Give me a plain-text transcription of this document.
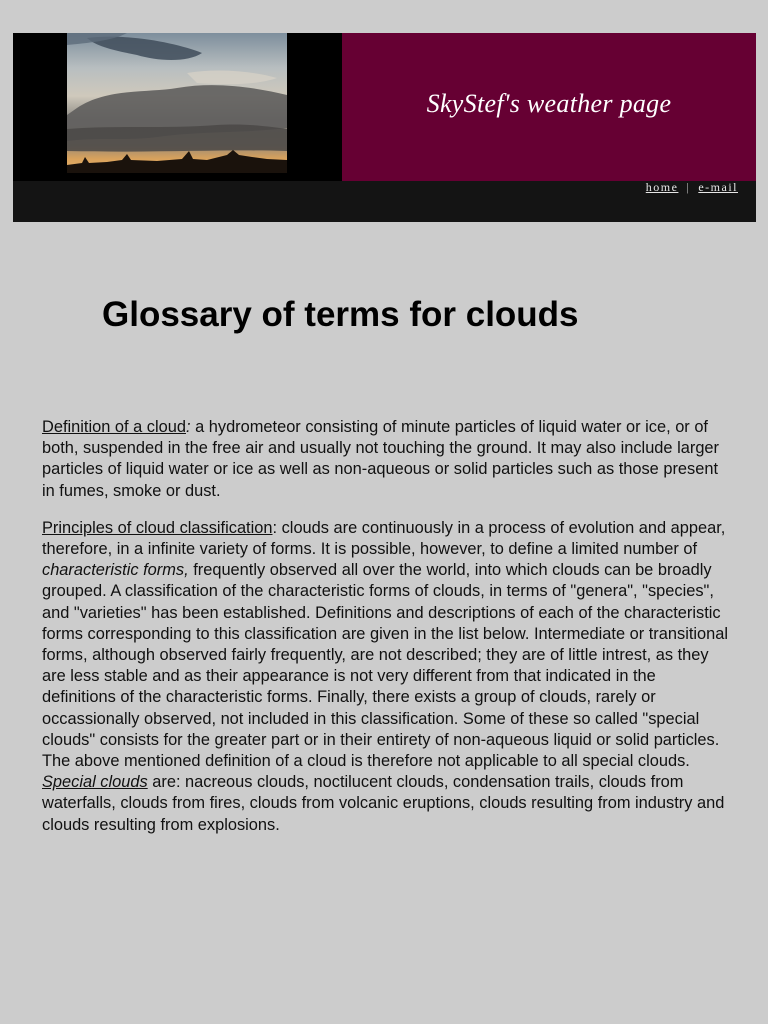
SkyStef's weather page
home | e-mail
Glossary of terms for clouds

Definition of a cloud: a hydrometeor consisting of minute particles of liquid water or ice, or of both, suspended in the free air and usually not touching the ground. It may also include larger particles of liquid water or ice as well as non-aqueous or solid particles such as those present in fumes, smoke or dust.

Principles of cloud classification: clouds are continuously in a process of evolution and appear, therefore, in a infinite variety of forms. It is possible, however, to define a limited number of characteristic forms, frequently observed all over the world, into which clouds can be broadly grouped. A classification of the characteristic forms of clouds, in terms of "genera", "species", and "varieties" has been established. Definitions and descriptions of each of the characteristic

forms corresponding to this classification are given in the list below. Intermediate or transitional forms, although observed fairly frequently, are not described; they are of little intrest, as they are less stable and as their appearance is not very different from that indicated in the definitions of the characteristic forms. Finally, there exists a group of clouds, rarely or occassionally observed, not included in this classification. Some of these so called "special clouds" consists for the greater part or in their entirety of non-aqueous liquid or solid particles. The above mentioned definition of a cloud is therefore not applicable to all special clouds.

Special clouds are: nacreous clouds, noctilucent clouds, condensation trails, clouds from waterfalls, clouds from fires, clouds from volcanic eruptions, clouds resulting from industry and clouds resulting from explosions.
